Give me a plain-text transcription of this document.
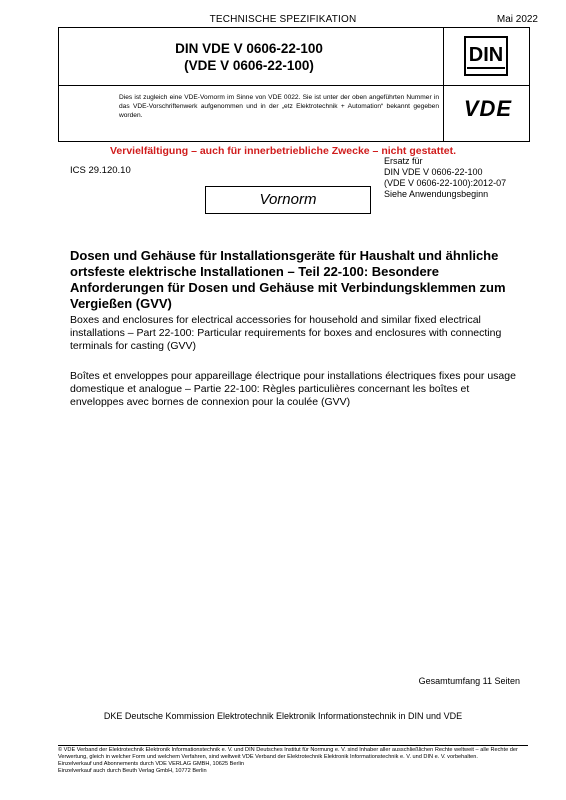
TECHNISCHE SPEZIFIKATION	Mai 2022
DIN VDE V 0606-22-100
(VDE V 0606-22-100)	DIN
Dies ist zugleich eine VDE-Vornorm im Sinne von VDE 0022. Sie ist unter der oben angeführten Nummer in das VDE-Vorschriftenwerk aufgenommen und in der „etz Elektrotechnik + Automation“ bekannt gegeben worden.	VDE
Vervielfältigung – auch für innerbetriebliche Zwecke – nicht gestattet.
ICS 29.120.10
Ersatz für
DIN VDE V 0606-22-100
(VDE V 0606-22-100):2012-07
Siehe Anwendungsbeginn
Vornorm
Dosen und Gehäuse für Installationsgeräte für Haushalt und ähnliche ortsfeste elektrische Installationen – Teil 22-100: Besondere Anforderungen für Dosen und Gehäuse mit Verbindungsklemmen zum Vergießen (GVV)
Boxes and enclosures for electrical accessories for household and similar fixed electrical installations – Part 22-100: Particular requirements for boxes and enclosures with connecting terminals for casting (GVV)
Boîtes et enveloppes pour appareillage électrique pour installations électriques fixes pour usage domestique et analogue – Partie 22-100: Règles particulières concernant les boîtes et enveloppes avec bornes de connexion pour la coulée (GVV)
Gesamtumfang 11 Seiten
DKE Deutsche Kommission Elektrotechnik Elektronik Informationstechnik in DIN und VDE
© VDE Verband der Elektrotechnik Elektronik Informationstechnik e. V. und DIN Deutsches Institut für Normung e. V. sind Inhaber aller ausschließlichen Rechte weltweit – alle Rechte der Verwertung, gleich in welcher Form und welchem Verfahren, sind weltweit VDE Verband der Elektrotechnik Elektronik Informationstechnik e. V. und DIN e. V. vorbehalten.
Einzelverkauf und Abonnements durch VDE VERLAG GMBH, 10625 Berlin
Einzelverkauf auch durch Beuth Verlag GmbH, 10772 Berlin
